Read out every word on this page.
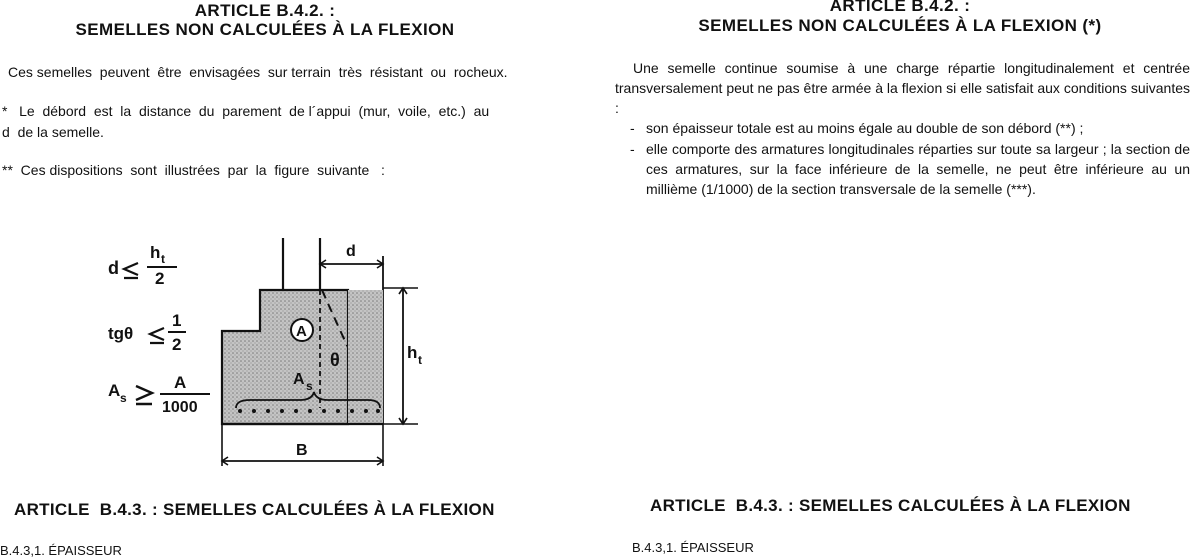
ARTICLE B.4.2. :

SEMELLES NON CALCULÉES À LA FLEXION

Ces semelles  peuvent  être  envisagées  sur terrain  très  résistant  ou  rocheux.

*   Le  débord  est  la  distance  du  parement  de l´appui  (mur,  voile,  etc.)  au

d  de la semelle.

**  Ces dispositions  sont  illustrées  par  la  figure  suivante   :

d
h t
2
tgθ
1
2
A s
A
1000
d
h t
B
A
θ
A s

ARTICLE  B.4.3. : SEMELLES CALCULÉES À LA FLEXION

B.4.3,1. ÉPAISSEUR

ARTICLE B.4.2. :

SEMELLES NON CALCULÉES À LA FLEXION (*)

Une semelle continue soumise à une charge répartie longitudinalement et centrée transversalement peut ne pas être armée à la flexion si elle satisfait aux conditions suivantes :

- son épaisseur totale est au moins égale au double de son débord (**) ;
- elle comporte des armatures longitudinales réparties sur toute sa largeur ; la section de ces armatures, sur la face inférieure de la semelle, ne peut être inférieure au un millième (1/1000) de la section transversale de la semelle (***).

ARTICLE  B.4.3. : SEMELLES CALCULÉES À LA FLEXION

B.4.3,1. ÉPAISSEUR
